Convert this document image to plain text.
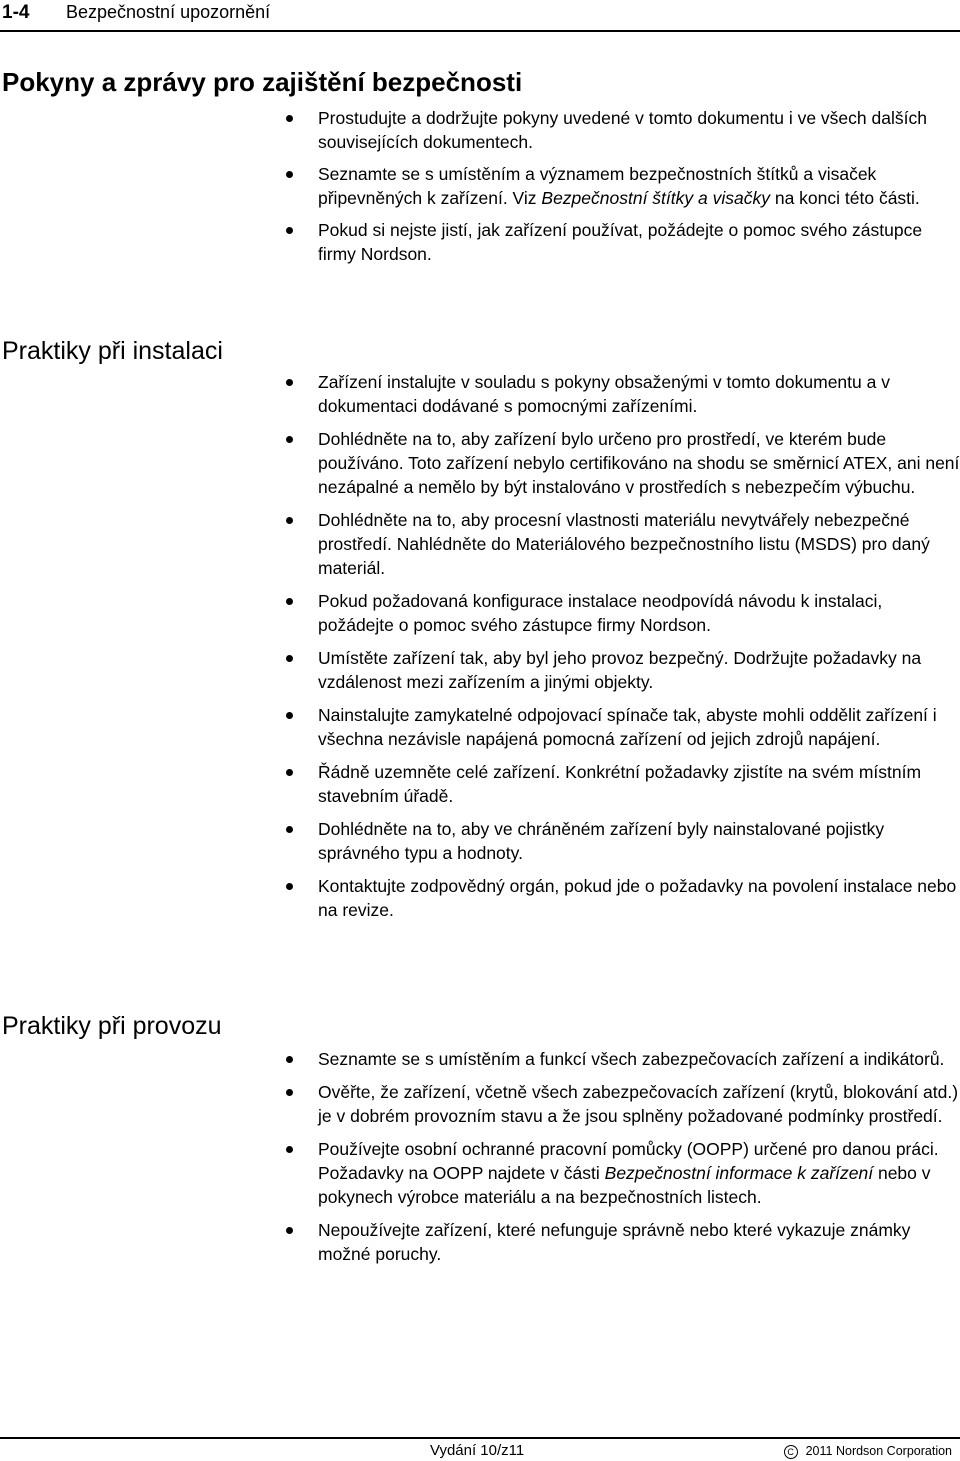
1-4 Bezpečnostní upozornění
Pokyny a zprávy pro zajištění bezpečnosti
Prostudujte a dodržujte pokyny uvedené v tomto dokumentu i ve všech dalších souvisejících dokumentech.
Seznamte se s umístěním a významem bezpečnostních štítků a visaček připevněných k zařízení. Viz Bezpečnostní štítky a visačky na konci této části.
Pokud si nejste jistí, jak zařízení používat, požádejte o pomoc svého zástupce firmy Nordson.
Praktiky při instalaci
Zařízení instalujte v souladu s pokyny obsaženými v tomto dokumentu a v dokumentaci dodávané s pomocnými zařízeními.
Dohlédněte na to, aby zařízení bylo určeno pro prostředí, ve kterém bude používáno. Toto zařízení nebylo certifikováno na shodu se směrnicí ATEX, ani není nezápalné a nemělo by být instalováno v prostředích s nebezpečím výbuchu.
Dohlédněte na to, aby procesní vlastnosti materiálu nevytvářely nebezpečné prostředí. Nahlédněte do Materiálového bezpečnostního listu (MSDS) pro daný materiál.
Pokud požadovaná konfigurace instalace neodpovídá návodu k instalaci, požádejte o pomoc svého zástupce firmy Nordson.
Umístěte zařízení tak, aby byl jeho provoz bezpečný. Dodržujte požadavky na vzdálenost mezi zařízením a jinými objekty.
Nainstalujte zamykatelné odpojovací spínače tak, abyste mohli oddělit zařízení i všechna nezávisle napájená pomocná zařízení od jejich zdrojů napájení.
Řádně uzemněte celé zařízení. Konkrétní požadavky zjistíte na svém místním stavebním úřadě.
Dohlédněte na to, aby ve chráněném zařízení byly nainstalované pojistky správného typu a hodnoty.
Kontaktujte zodpovědný orgán, pokud jde o požadavky na povolení instalace nebo na revize.
Praktiky při provozu
Seznamte se s umístěním a funkcí všech zabezpečovacích zařízení a indikátorů.
Ověřte, že zařízení, včetně všech zabezpečovacích zařízení (krytů, blokování atd.) je v dobrém provozním stavu a že jsou splněny požadované podmínky prostředí.
Používejte osobní ochranné pracovní pomůcky (OOPP) určené pro danou práci. Požadavky na OOPP najdete v části Bezpečnostní informace k zařízení nebo v pokynech výrobce materiálu a na bezpečnostních listech.
Nepoužívejte zařízení, které nefunguje správně nebo které vykazuje známky možné poruchy.
Vydání 10/z11	C 2011 Nordson Corporation
